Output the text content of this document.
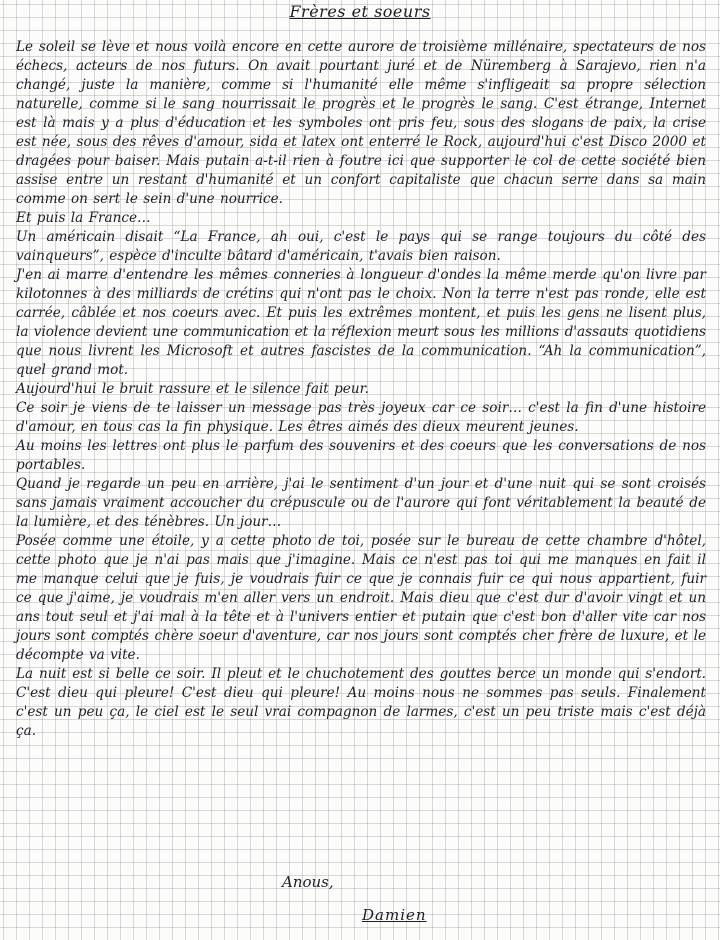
Frères et soeurs

Le soleil se lève et nous voilà encore en cette aurore de troisième millénaire, spectateurs de nos échecs, acteurs de nos futurs. On avait pourtant juré et de Nüremberg à Sarajevo, rien n'a changé, juste la manière, comme si l'humanité elle même s'infligeait sa propre sélection naturelle, comme si le sang nourrissait le progrès et le progrès le sang. C'est étrange, Internet est là mais y a plus d'éducation et les symboles ont pris feu, sous des slogans de paix, la crise est née, sous des rêves d'amour, sida et latex ont enterré le Rock, aujourd'hui c'est Disco 2000 et dragées pour baiser. Mais putain a-t-il rien à foutre ici que supporter le col de cette société bien assise entre un restant d'humanité et un confort capitaliste que chacun serre dans sa main comme on sert le sein d'une nourrice.

Et puis la France…

Un américain disait “La France, ah oui, c'est le pays qui se range toujours du côté des vainqueurs”, espèce d'inculte bâtard d'américain, t'avais bien raison.

J'en ai marre d'entendre les mêmes conneries à longueur d'ondes la même merde qu'on livre par kilotonnes à des milliards de crétins qui n'ont pas le choix. Non la terre n'est pas ronde, elle est carrée, câblée et nos coeurs avec. Et puis les extrêmes montent, et puis les gens ne lisent plus, la violence devient une communication et la réflexion meurt sous les millions d'assauts quotidiens que nous livrent les Microsoft et autres fascistes de la communication. “Ah la communication”, quel grand mot.

Aujourd'hui le bruit rassure et le silence fait peur.

Ce soir je viens de te laisser un message pas très joyeux car ce soir… c'est la fin d'une histoire d'amour, en tous cas la fin physique. Les êtres aimés des dieux meurent jeunes.

Au moins les lettres ont plus le parfum des souvenirs et des coeurs que les conversations de nos portables.

Quand je regarde un peu en arrière, j'ai le sentiment d'un jour et d'une nuit qui se sont croisés sans jamais vraiment accoucher du crépuscule ou de l'aurore qui font véritablement la beauté de la lumière, et des ténèbres. Un jour…

Posée comme une étoile, y a cette photo de toi, posée sur le bureau de cette chambre d'hôtel, cette photo que je n'ai pas mais que j'imagine. Mais ce n'est pas toi qui me manques en fait il me manque celui que je fuis, je voudrais fuir ce que je connais fuir ce qui nous appartient, fuir ce que j'aime, je voudrais m'en aller vers un endroit. Mais dieu que c'est dur d'avoir vingt et un ans tout seul et j'ai mal à la tête et à l'univers entier et putain que c'est bon d'aller vite car nos jours sont comptés chère soeur d'aventure, car nos jours sont comptés cher frère de luxure, et le décompte va vite.

La nuit est si belle ce soir. Il pleut et le chuchotement des gouttes berce un monde qui s'endort. C'est dieu qui pleure! C'est dieu qui pleure! Au moins nous ne sommes pas seuls. Finalement c'est un peu ça, le ciel est le seul vrai compagnon de larmes, c'est un peu triste mais c'est déjà ça.

Anous,
Damien
